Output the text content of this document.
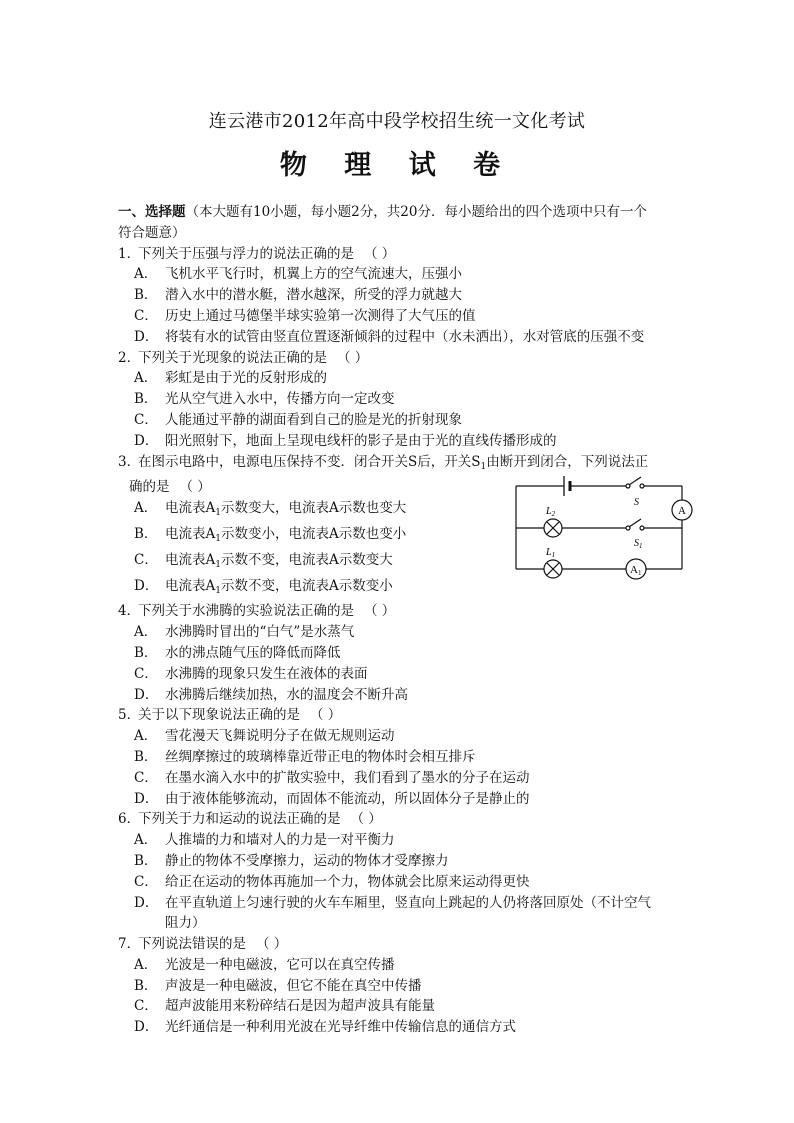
连云港市2012年高中段学校招生统一文化考试
物 理 试 卷
一、选择题（本大题有10小题，每小题2分，共20分．每小题给出的四个选项中只有一个
符合题意）
1．下列关于压强与浮力的说法正确的是 （ ）
A． 飞机水平飞行时，机翼上方的空气流速大，压强小
B． 潜入水中的潜水艇，潜水越深，所受的浮力就越大
C． 历史上通过马德堡半球实验第一次测得了大气压的值
D． 将装有水的试管由竖直位置逐渐倾斜的过程中（水未洒出），水对管底的压强不变
2．下列关于光现象的说法正确的是 （ ）
A． 彩虹是由于光的反射形成的
B． 光从空气进入水中，传播方向一定改变
C． 人能通过平静的湖面看到自己的脸是光的折射现象
D． 阳光照射下，地面上呈现电线杆的影子是由于光的直线传播形成的
3．在图示电路中，电源电压保持不变．闭合开关S后，开关$S_1$由断开到闭合，下列说法正
确的是 （ ）
A． 电流表$A_1$示数变大，电流表A示数也变大
B． 电流表$A_1$示数变小，电流表A示数也变小
C． 电流表$A_1$示数不变，电流表A示数变大
D． 电流表$A_1$示数不变，电流表A示数变小
S
A
$L_2$
$S_1$
$L_1$
A1
4．下列关于水沸腾的实验说法正确的是 （ ）
A． 水沸腾时冒出的“白气”是水蒸气
B． 水的沸点随气压的降低而降低
C． 水沸腾的现象只发生在液体的表面
D． 水沸腾后继续加热，水的温度会不断升高
5．关于以下现象说法正确的是 （ ）
A． 雪花漫天飞舞说明分子在做无规则运动
B． 丝绸摩擦过的玻璃棒靠近带正电的物体时会相互排斥
C． 在墨水滴入水中的扩散实验中，我们看到了墨水的分子在运动
D． 由于液体能够流动，而固体不能流动，所以固体分子是静止的
6．下列关于力和运动的说法正确的是 （ ）
A． 人推墙的力和墙对人的力是一对平衡力
B． 静止的物体不受摩擦力，运动的物体才受摩擦力
C． 给正在运动的物体再施加一个力，物体就会比原来运动得更快
D． 在平直轨道上匀速行驶的火车车厢里，竖直向上跳起的人仍将落回原处（不计空气
阻力）
7．下列说法错误的是 （ ）
A． 光波是一种电磁波，它可以在真空传播
B． 声波是一种电磁波，但它不能在真空中传播
C． 超声波能用来粉碎结石是因为超声波具有能量
D． 光纤通信是一种利用光波在光导纤维中传输信息的通信方式
